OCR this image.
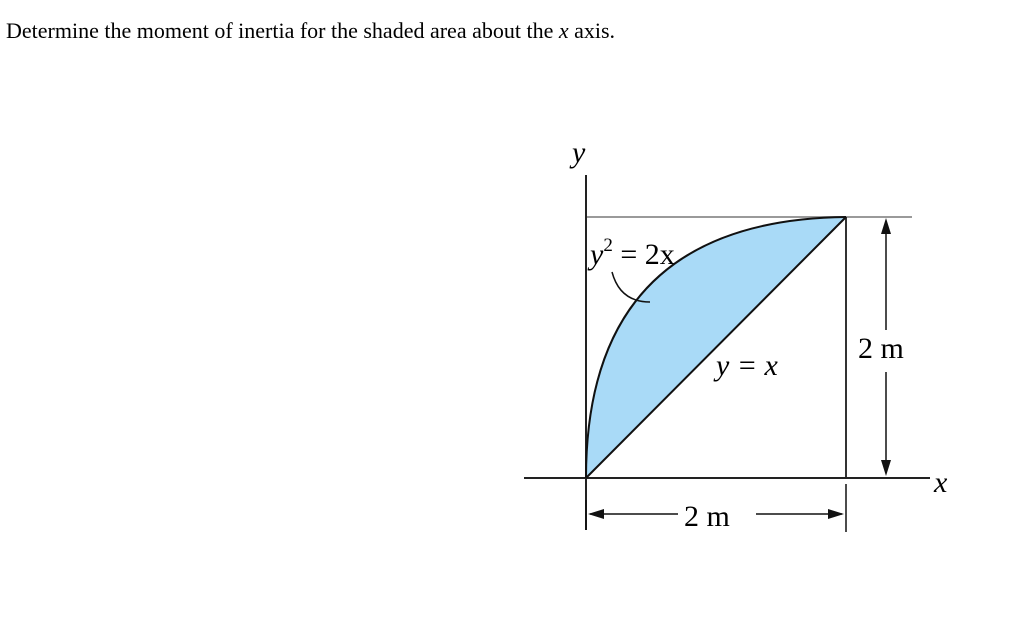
Determine the moment of inertia for the shaded area about the x axis.
y
x
$y^2 = 2x$
y = x
2 m
2 m
